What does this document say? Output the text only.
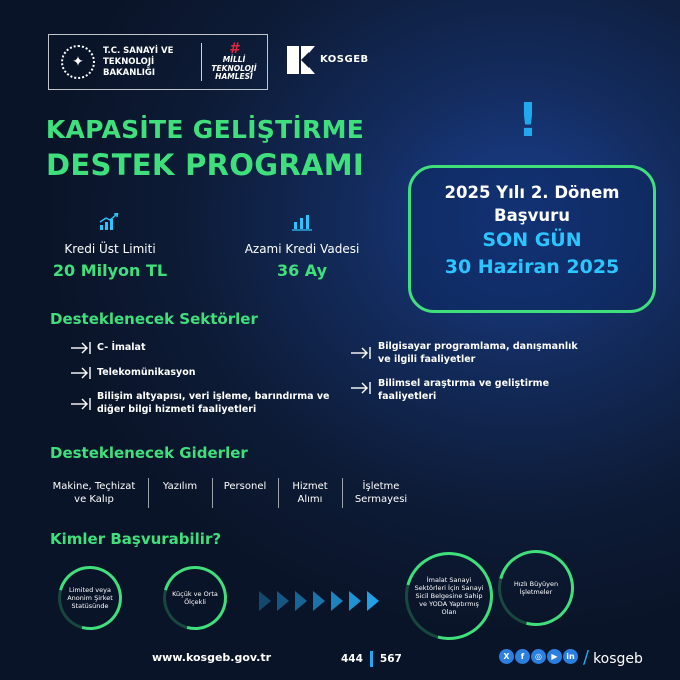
✦
T.C. SANAYİ VE
TEKNOLOJİ BAKANLIĞI
#
MİLLİ
TEKNOLOJİ
HAMLESİ
KOSGEB
KAPASİTE GELİŞTİRME
DESTEK PROGRAMI
!
2025 Yılı 2. Dönem
Başvuru
SON GÜN
30 Haziran 2025
Kredi Üst Limiti
20 Milyon TL
Azami Kredi Vadesi
36 Ay
Desteklenecek Sektörler
C- İmalat
Telekomünikasyon
Bilişim altyapısı, veri işleme, barındırma ve
diğer bilgi hizmeti faaliyetleri
Bilgisayar programlama, danışmanlık
ve ilgili faaliyetler
Bilimsel araştırma ve geliştirme
faaliyetleri
Desteklenecek Giderler
Makine, Teçhizat
ve Kalıp
Yazılım	Personel	Hizmet
Alımı
İşletme
Sermayesi
Kimler Başvurabilir?
Limited veya Anonim Şirket Statüsünde
Küçük ve Orta Ölçekli
İmalat Sanayi Sektörleri İçin Sanayi Sicil Belgesine Sahip ve YODA Yaptırmış Olan
Hızlı Büyüyen İşletmeler
www.kosgeb.gov.tr	444 567	X	f	◎	▶	in / kosgeb
